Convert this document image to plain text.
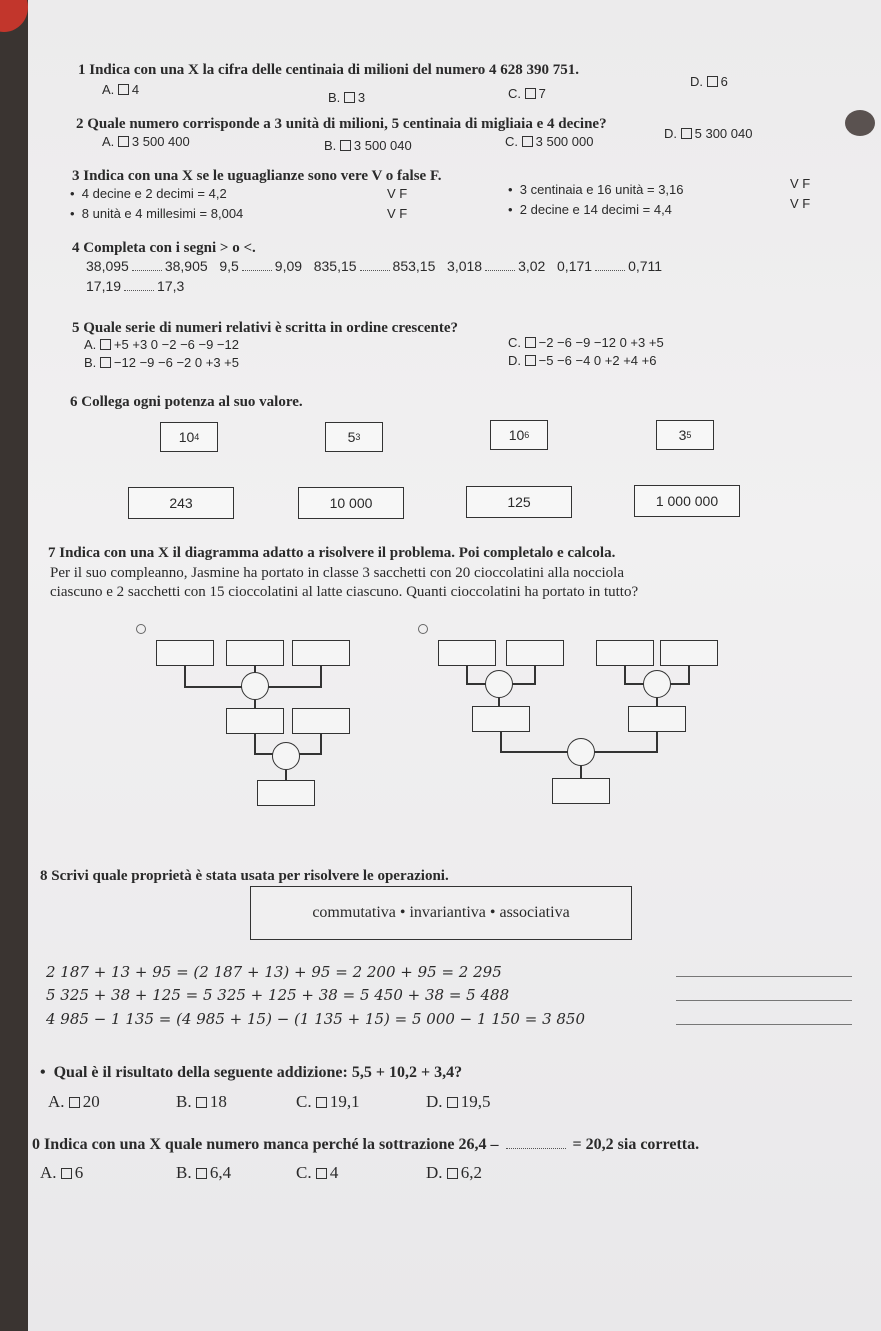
1 Indica con una X la cifra delle centinaia di milioni del numero 4 628 390 751.
A. 4
B. 3	C. 7
D. 6
2 Quale numero corrisponde a 3 unità di milioni, 5 centinaia di migliaia e 4 decine?
A. 3 500 400	B. 3 500 040	C. 3 500 000
D. 5 300 040
3 Indica con una X se le uguaglianze sono vere V o false F.
•  4 decine e 2 decimi = 4,2	V F
•  8 unità e 4 millesimi = 8,004	V F
•  3 centinaia e 16 unità = 3,16	V F
•  2 decine e 14 decimi = 4,4	V F
4 Completa con i segni > o <.
38,095	38,905 9,5	9,09 835,15	853,15 3,018	3,02 0,171	0,711
17,19	17,3
5 Quale serie di numeri relativi è scritta in ordine crescente?
A. +5 +3 0 −2 −6 −9 −12
B. −12 −9 −6 −2 0 +3 +5
C. −2 −6 −9 −12 0 +3 +5
D. −5 −6 −4 0 +2 +4 +6
6 Collega ogni potenza al suo valore.
10 4	5 3	10 6	3 5
243	10 000	125	1 000 000
7 Indica con una X il diagramma adatto a risolvere il problema. Poi completalo e calcola.
Per il suo compleanno, Jasmine ha portato in classe 3 sacchetti con 20 cioccolatini alla nocciola
ciascuno e 2 sacchetti con 15 cioccolatini al latte ciascuno. Quanti cioccolatini ha portato in tutto?
8 Scrivi quale proprietà è stata usata per risolvere le operazioni.
commutativa • invariantiva • associativa
2 187 + 13 + 95 = (2 187 + 13) + 95 = 2 200 + 95 = 2 295
5 325 + 38 + 125 = 5 325 + 125 + 38 = 5 450 + 38 = 5 488
4 985 − 1 135 = (4 985 + 15) − (1 135 + 15) = 5 000 − 1 150 = 3 850
•  Qual è il risultato della seguente addizione: 5,5 + 10,2 + 3,4?
A. 20	B. 18	C. 19,1	D. 19,5
0 Indica con una X quale numero manca perché la sottrazione 26,4 –	= 20,2 sia corretta.
A. 6	B. 6,4	C. 4	D. 6,2
